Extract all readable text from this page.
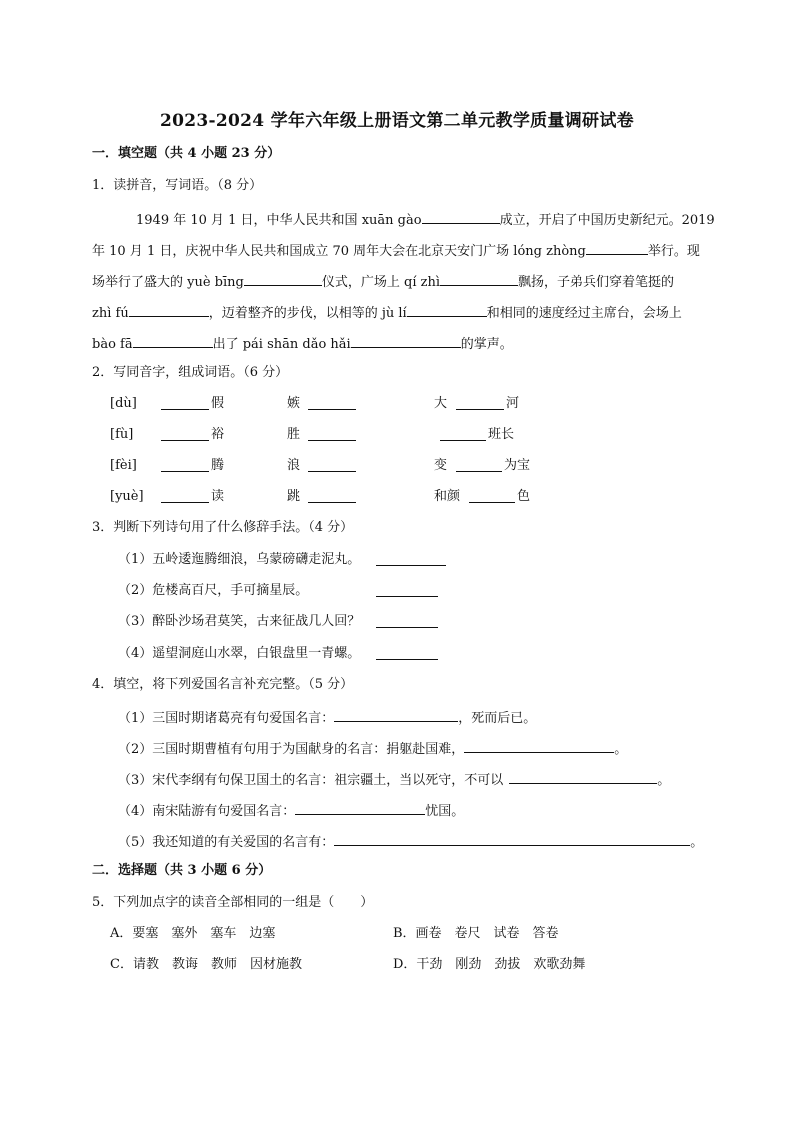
2023-2024 学年六年级上册语文第二单元教学质量调研试卷
一．填空题（共 4 小题 23 分）
1．读拼音，写词语。（8 分）
1949 年 10 月 1 日，中华人民共和国 xuān gào	成立，开启了中国历史新纪元。2019
年 10 月 1 日，庆祝中华人民共和国成立 70 周年大会在北京天安门广场 lóng zhòng	举行。现
场举行了盛大的 yuè bīng	仪式，广场上 qí zhì	飘扬，子弟兵们穿着笔挺的
zhì fú	，迈着整齐的步伐，以相等的 jù lí	和相同的速度经过主席台，会场上
bào fā	出了 pái shān dǎo hǎi	的掌声。
2．写同音字，组成词语。（6 分）
[dù]	假	嫉	大	河
[fù]	裕	胜	班长
[fèi]	腾	浪	变	为宝
[yuè]	读	跳	和颜	色
3．判断下列诗句用了什么修辞手法。（4 分）
（1）五岭逶迤腾细浪，乌蒙磅礴走泥丸。
（2）危楼高百尺，手可摘星辰。
（3）醉卧沙场君莫笑，古来征战几人回？
（4）遥望洞庭山水翠，白银盘里一青螺。
4．填空，将下列爱国名言补充完整。（5 分）
（1）三国时期诸葛亮有句爱国名言：	，死而后已。
（2）三国时期曹植有句用于为国献身的名言：捐躯赴国难，	。
（3）宋代李纲有句保卫国土的名言：祖宗疆土，当以死守，不可以	。
（4）南宋陆游有句爱国名言：	忧国。
（5）我还知道的有关爱国的名言有：	。
二．选择题（共 3 小题 6 分）
5．下列加点字的读音全部相同的一组是（　　）
A．要塞　塞外　塞车　边塞	B．画卷　卷尺　试卷　答卷
C．请教　教诲　教师　因材施教	D．干劲　刚劲　劲拔　欢歌劲舞
